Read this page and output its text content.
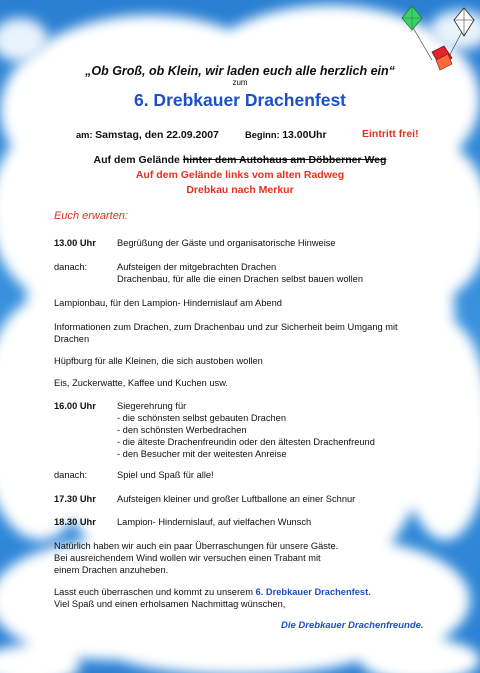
„Ob Groß, ob Klein, wir laden euch alle herzlich ein“
zum
6. Drebkauer Drachenfest
am: Samstag, den 22.09.2007	Beginn: 13.00Uhr	Eintritt frei!
Auf dem Gelände hinter dem Autohaus am Döbberner Weg
Auf dem Gelände links vom alten Radweg
Drebkau nach Merkur
Euch erwarten:
13.00 Uhr Begrüßung der Gäste und organisatorische Hinweise
danach:	Aufsteigen der mitgebrachten Drachen
Drachenbau, für alle die einen Drachen selbst bauen wollen
Lampionbau, für den Lampion- Hindernislauf am Abend
Informationen zum Drachen, zum Drachenbau und zur Sicherheit beim Umgang mit
Drachen
Hüpfburg für alle Kleinen, die sich austoben wollen
Eis, Zuckerwatte, Kaffee und Kuchen usw.
16.00 Uhr Siegerehrung für
- die schönsten selbst gebauten Drachen
- den schönsten Werbedrachen
- die älteste Drachenfreundin oder den ältesten Drachenfreund
- den Besucher mit der weitesten Anreise
danach:	Spiel und Spaß für alle!
17.30 Uhr Aufsteigen kleiner und großer Luftballone an einer Schnur
18.30 Uhr Lampion- Hindernislauf, auf vielfachen Wunsch
Natürlich haben wir auch ein paar Überraschungen für unsere Gäste.
Bei ausreichendem Wind wollen wir versuchen einen Trabant mit
einem Drachen anzuheben.
Lasst euch überraschen und kommt zu unserem 6. Drebkauer Drachenfest.
Viel Spaß und einen erholsamen Nachmittag wünschen,
Die Drebkauer Drachenfreunde.
